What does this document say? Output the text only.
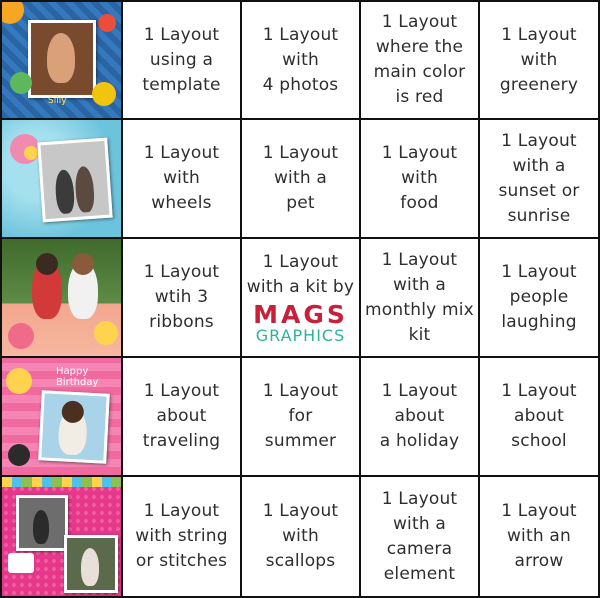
Silly
1 Layout
using a
template
1 Layout
with
4 photos
1 Layout
where the
main color
is red
1 Layout
with
greenery
1 Layout
with
wheels
1 Layout
with a
pet
1 Layout
with
food
1 Layout
with a
sunset or
sunrise
1 Layout
wtih 3
ribbons
1 Layout
with a kit by
MAGS
GRAPHICS
1 Layout
with a
monthly mix
kit
1 Layout
people
laughing
Happy Birthday	1 Layout
about
traveling
1 Layout
for
summer
1 Layout
about
a holiday
1 Layout
about
school
1 Layout
with string
or stitches
1 Layout
with
scallops
1 Layout
with a
camera
element
1 Layout
with an
arrow
